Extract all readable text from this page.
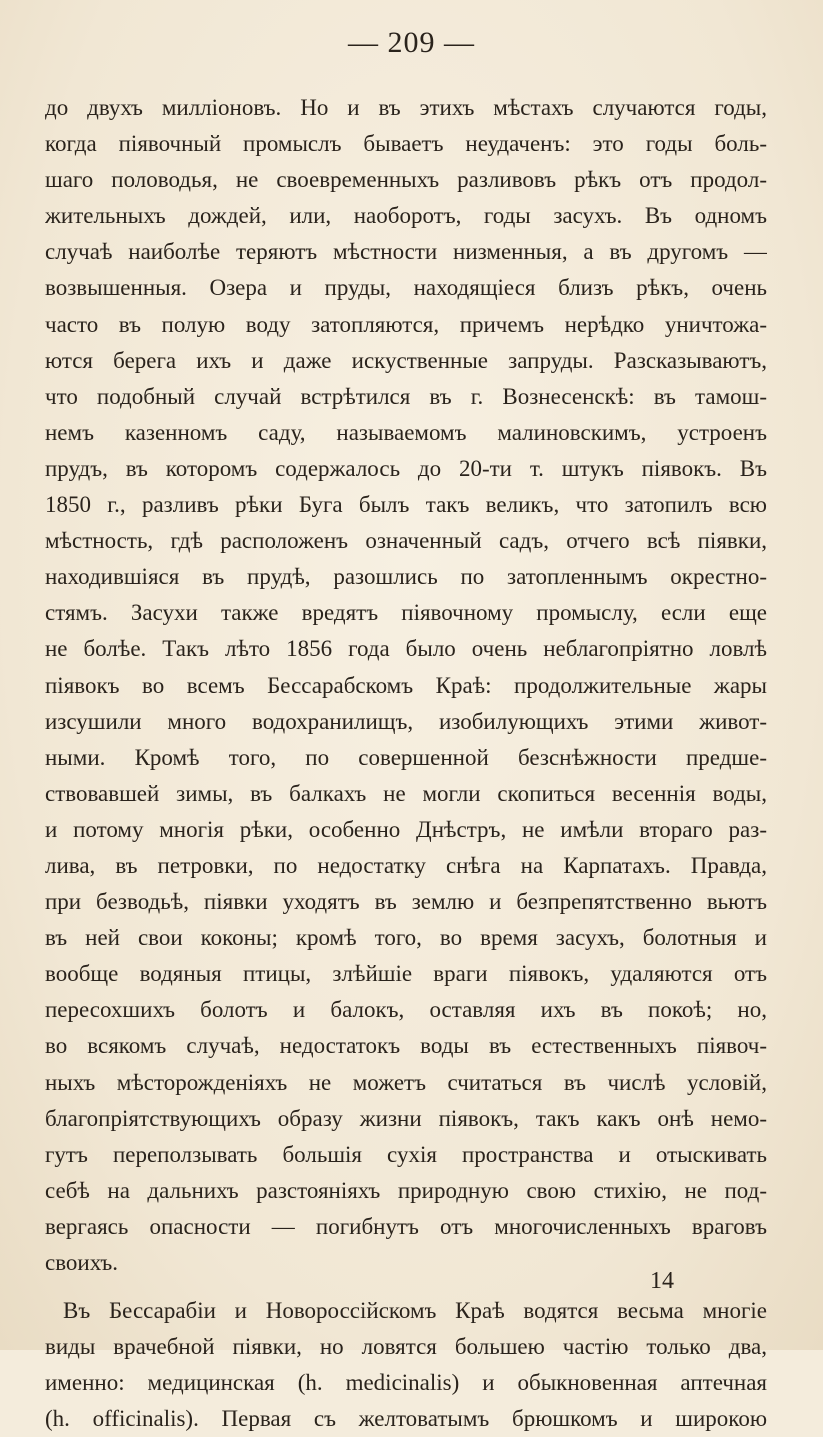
— 209 —
до двухъ милліоновъ. Но и въ этихъ мѣстахъ случаются годы,
когда піявочный промыслъ бываетъ неудаченъ: это годы боль-
шаго половодья, не своевременныхъ разливовъ рѣкъ отъ продол-
жительныхъ дождей, или, наоборотъ, годы засухъ. Въ одномъ
случаѣ наиболѣе теряютъ мѣстности низменныя, а въ другомъ —
возвышенныя. Озера и пруды, находящіеся близъ рѣкъ, очень
часто въ полую воду затопляются, причемъ нерѣдко уничтожа-
ются берега ихъ и даже искуственные запруды. Разсказываютъ,
что подобный случай встрѣтился въ г. Вознесенскѣ: въ тамош-
немъ казенномъ саду, называемомъ малиновскимъ, устроенъ
прудъ, въ которомъ содержалось до 20-ти т. штукъ піявокъ. Въ
1850 г., разливъ рѣки Буга былъ такъ великъ, что затопилъ всю
мѣстность, гдѣ расположенъ означенный садъ, отчего всѣ піявки,
находившіяся въ прудѣ, разошлись по затопленнымъ окрестно-
стямъ. Засухи также вредятъ піявочному промыслу, если еще
не болѣе. Такъ лѣто 1856 года было очень неблагопріятно ловлѣ
піявокъ во всемъ Бессарабскомъ Краѣ: продолжительные жары
изсушили много водохранилищъ, изобилующихъ этими живот-
ными. Кромѣ того, по совершенной безснѣжности предше-
ствовавшей зимы, въ балкахъ не могли скопиться весеннія воды,
и потому многія рѣки, особенно Днѣстръ, не имѣли втораго раз-
лива, въ петровки, по недостатку снѣга на Карпатахъ. Правда,
при безводьѣ, піявки уходятъ въ землю и безпрепятственно вьютъ
въ ней свои коконы; кромѣ того, во время засухъ, болотныя и
вообще водяныя птицы, злѣйшіе враги піявокъ, удаляются отъ
пересохшихъ болотъ и балокъ, оставляя ихъ въ покоѣ; но,
во всякомъ случаѣ, недостатокъ воды въ естественныхъ піявоч-
ныхъ мѣсторожденіяхъ не можетъ считаться въ числѣ условій,
благопріятствующихъ образу жизни піявокъ, такъ какъ онѣ немо-
гутъ переползывать большія сухія пространства и отыскивать
себѣ на дальнихъ разстояніяхъ природную свою стихію, не под-
вергаясь опасности — погибнутъ отъ многочисленныхъ враговъ
своихъ.
Въ Бессарабіи и Новороссійскомъ Краѣ водятся весьма многіе
виды врачебной піявки, но ловятся большею частію только два,
именно: медицинская (h. medicinalis) и обыкновенная аптечная
(h. officinalis). Первая съ желтоватымъ брюшкомъ и широкою
14
